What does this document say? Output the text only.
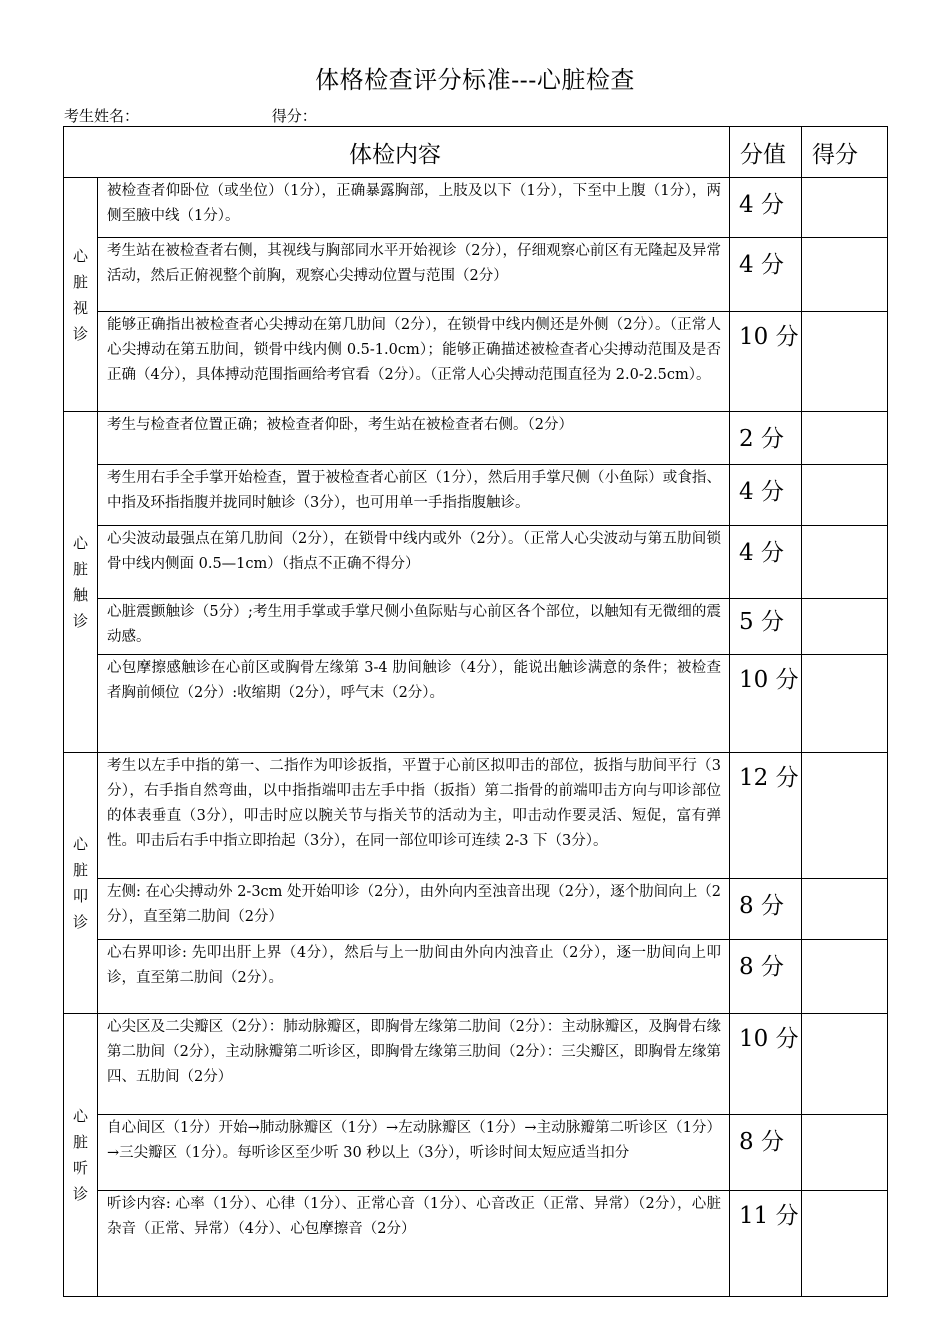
体格检查评分标准---心脏检查
考生姓名：	得分：
体检内容		分值	得分

心脏视诊	被检查者仰卧位（或坐位）（1分），正确暴露胸部，上肢及以下（1分），下至中上腹（1分），两侧至腋中线（1分）。	4 分	
	考生站在被检查者右侧，其视线与胸部同水平开始视诊（2分），仔细观察心前区有无隆起及异常活动，然后正俯视整个前胸，观察心尖搏动位置与范围（2分）	4 分	
	能够正确指出被检查者心尖搏动在第几肋间（2分），在锁骨中线内侧还是外侧（2分）。（正常人心尖搏动在第五肋间，锁骨中线内侧 0.5-1.0cm）；能够正确描述被检查者心尖搏动范围及是否正确（4分），具体搏动范围指画给考官看（2分）。（正常人心尖搏动范围直径为 2.0-2.5cm）。	10 分	

心脏触诊	考生与检查者位置正确；被检查者仰卧，考生站在被检查者右侧。（2分）	2 分	
	考生用右手全手掌开始检查，置于被检查者心前区（1分），然后用手掌尺侧（小鱼际）或食指、中指及环指指腹并拢同时触诊（3分），也可用单一手指指腹触诊。	4 分	
	心尖波动最强点在第几肋间（2分），在锁骨中线内或外（2分）。（正常人心尖波动与第五肋间锁骨中线内侧面 0.5—1cm）（指点不正确不得分）	4 分	
	心脏震颤触诊（5分）;考生用手掌或手掌尺侧小鱼际贴与心前区各个部位，以触知有无微细的震动感。	5 分	
	心包摩擦感触诊在心前区或胸骨左缘第 3-4 肋间触诊（4分），能说出触诊满意的条件；被检查者胸前倾位（2分）:收缩期（2分），呼气末（2分）。	10 分	

心脏叩诊	考生以左手中指的第一、二指作为叩诊扳指，平置于心前区拟叩击的部位，扳指与肋间平行（3分），右手指自然弯曲，以中指指端叩击左手中指（扳指）第二指骨的前端叩击方向与叩诊部位的体表垂直（3分），叩击时应以腕关节与指关节的活动为主，叩击动作要灵活、短促，富有弹性。叩击后右手中指立即抬起（3分），在同一部位叩诊可连续 2-3 下（3分）。	12 分	
	左侧: 在心尖搏动外 2-3cm 处开始叩诊（2分），由外向内至浊音出现（2分），逐个肋间向上（2分），直至第二肋间（2分）	8 分	
	心右界叩诊: 先叩出肝上界（4分），然后与上一肋间由外向内浊音止（2分），逐一肋间向上叩诊，直至第二肋间（2分）。	8 分	

心脏听诊	心尖区及二尖瓣区（2分）：肺动脉瓣区，即胸骨左缘第二肋间（2分）：主动脉瓣区，及胸骨右缘第二肋间（2分），主动脉瓣第二听诊区，即胸骨左缘第三肋间（2分）：三尖瓣区，即胸骨左缘第四、五肋间（2分）	10 分	
	自心间区（1分）开始→肺动脉瓣区（1分）→左动脉瓣区（1分）→主动脉瓣第二听诊区（1分）→三尖瓣区（1分）。每听诊区至少听 30 秒以上（3分），听诊时间太短应适当扣分	8 分	
	听诊内容: 心率（1分）、心律（1分）、正常心音（1分）、心音改正（正常、异常）（2分），心脏杂音（正常、异常）（4分）、心包摩擦音（2分）	11 分	
